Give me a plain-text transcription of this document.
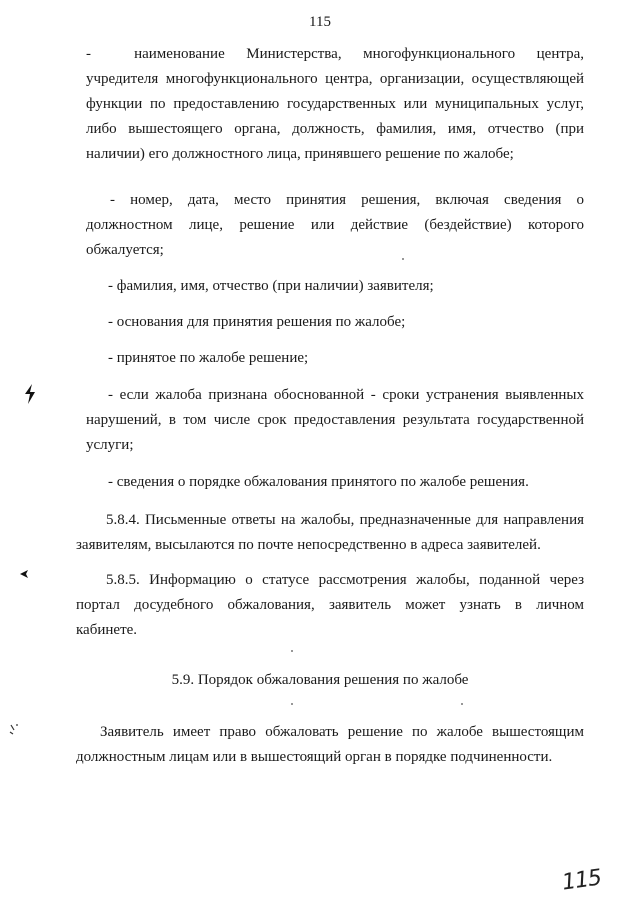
115
-    наименование  Министерства,  многофункционального  центра,
учредителя многофункционального центра, организации, осуществляющей
функции по предоставлению государственных или муниципальных услуг,
либо вышестоящего органа, должность, фамилия, имя, отчество (при
наличии) его должностного лица, принявшего решение по жалобе;
- номер, дата, место принятия решения, включая сведения о
должностном лице, решение или действие (бездействие) которого
обжалуется;
- фамилия, имя, отчество (при наличии) заявителя;
- основания для принятия решения по жалобе;
- принятое по жалобе решение;
- если жалоба признана обоснованной - сроки устранения выявленных
нарушений, в том числе срок предоставления результата государственной
услуги;
- сведения о порядке обжалования принятого по жалобе решения.
5.8.4. Письменные ответы на жалобы, предназначенные для направления
заявителям, высылаются по почте непосредственно в адреса заявителей.
5.8.5. Информацию о статусе рассмотрения жалобы, поданной через
портал досудебного обжалования, заявитель может узнать в личном
кабинете.
5.9. Порядок обжалования решения по жалобе
Заявитель имеет право обжаловать решение по жалобе вышестоящим
должностным лицам или в вышестоящий орган в порядке подчиненности.
115
